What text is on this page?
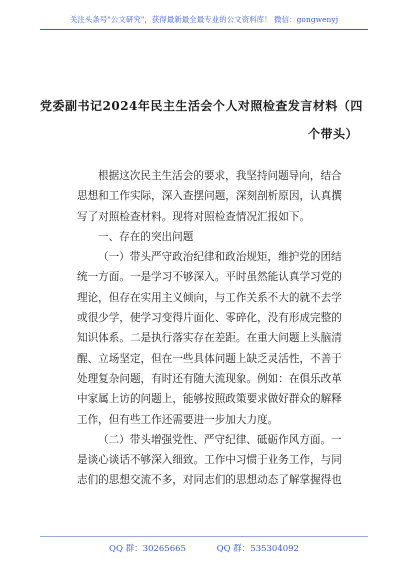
关注头条号"公文研究"，获得最新最全最专业的公文资料库！ 微信：gongwenyj
党委副书记2024年民主生活会个人对照检查发言材料（四
个带头）
根据这次民主生活会的要求，我坚持问题导向，结合
思想和工作实际，深入查摆问题，深刻剖析原因，认真撰
写了对照检查材料。现将对照检查情况汇报如下。
一、存在的突出问题
（一）带头严守政治纪律和政治规矩，维护党的团结
统一方面。一是学习不够深入。平时虽然能认真学习党的
理论，但存在实用主义倾向，与工作关系不大的就不去学
或很少学，使学习变得片面化、零碎化，没有形成完整的
知识体系。二是执行落实存在差距。在重大问题上头脑清
醒、立场坚定，但在一些具体问题上缺乏灵活性，不善于
处理复杂问题，有时还有随大流现象。例如：在俱乐改革
中家属上访的问题上，能够按照政策要求做好群众的解释
工作，但有些工作还需要进一步加大力度。
（二）带头增强党性、严守纪律、砥砺作风方面。一
是谈心谈话不够深入细致。工作中习惯于业务工作，与同
志们的思想交流不多，对同志们的思想动态了解掌握得也
QQ 群：30265665	QQ 群：535304092
